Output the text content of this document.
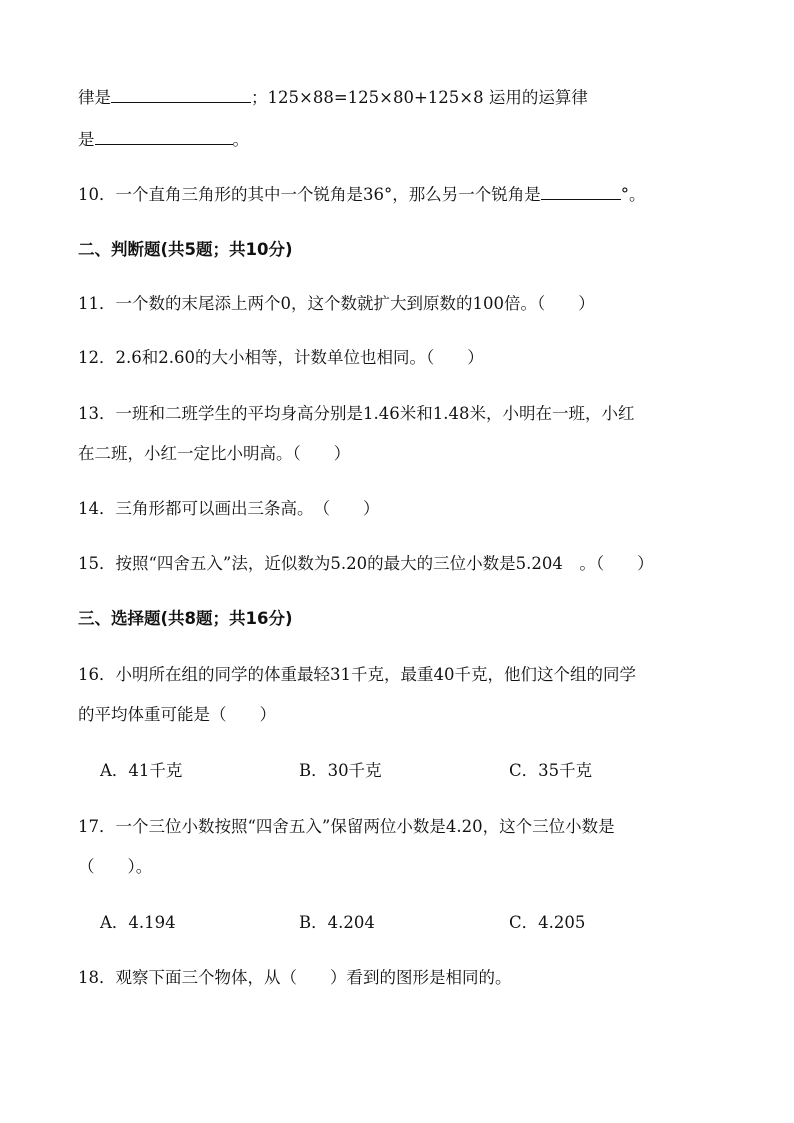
律是	；125×88=125×80+125×8 运用的运算律
是	。
10．一个直角三角形的其中一个锐角是36°，那么另一个锐角是	°。
二、判断题(共5题；共10分)
11．一个数的末尾添上两个0，这个数就扩大到原数的100倍。（　　）
12．2.6和2.60的大小相等，计数单位也相同。（　　）
13．一班和二班学生的平均身高分别是1.46米和1.48米，小明在一班，小红
在二班，小红一定比小明高。（　　）
14．三角形都可以画出三条高。　（　　）
15．按照“四舍五入”法，近似数为5.20的最大的三位小数是5.204　。（　　）
三、选择题(共8题；共16分)
16．小明所在组的同学的体重最轻31千克，最重40千克，他们这个组的同学
的平均体重可能是（　　）
A．41千克	B．30千克	C．35千克
17．一个三位小数按照“四舍五入”保留两位小数是4.20，这个三位小数是
（　　）。
A．4.194	B．4.204	C．4.205
18．观察下面三个物体，从（　　）看到的图形是相同的。
